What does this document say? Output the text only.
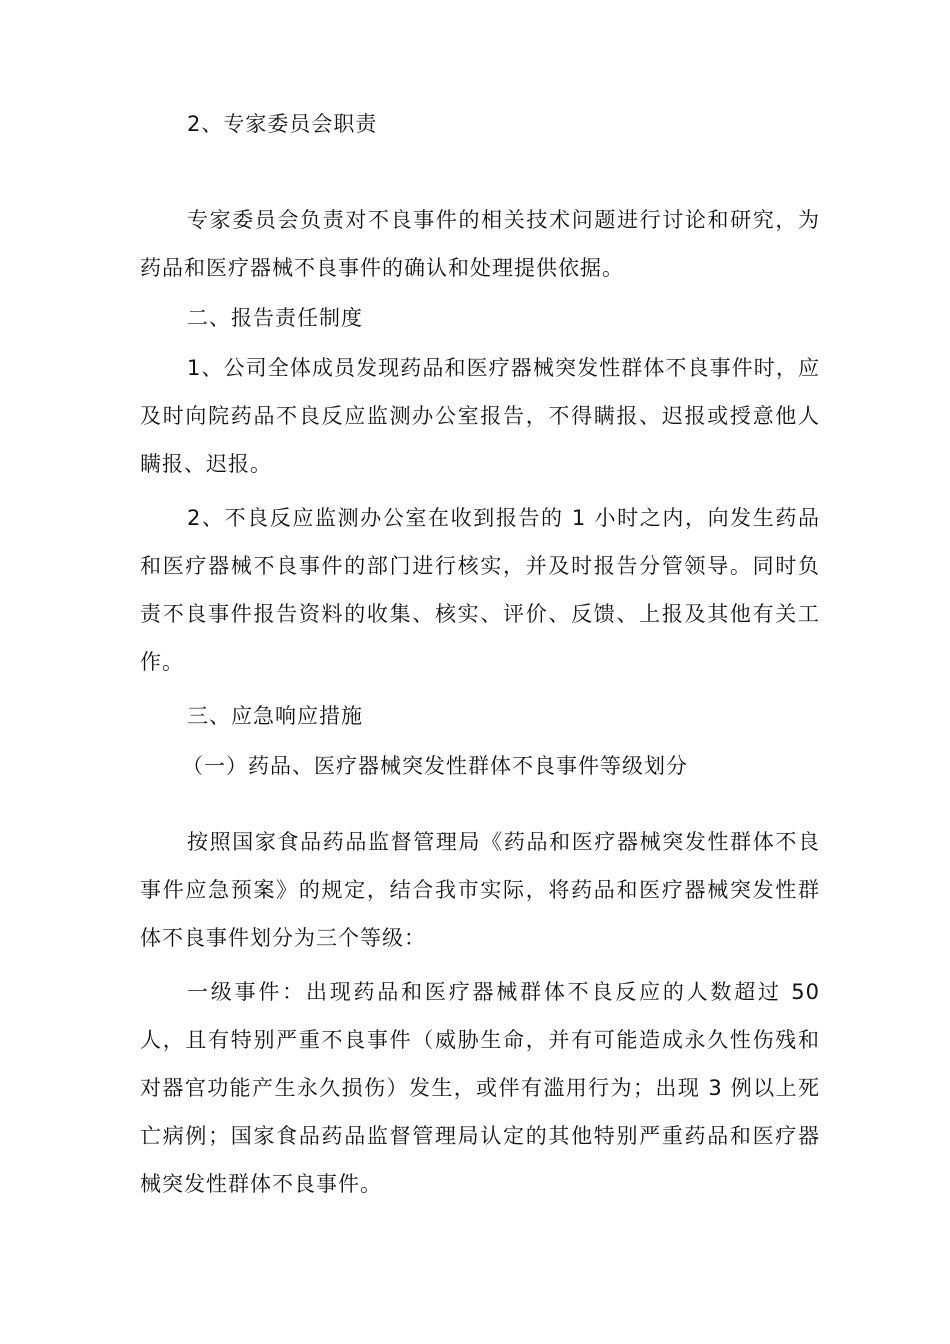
2、专家委员会职责

专家委员会负责对不良事件的相关技术问题进行讨论和研究，为药品和医疗器械不良事件的确认和处理提供依据。

二、报告责任制度

1、公司全体成员发现药品和医疗器械突发性群体不良事件时，应及时向院药品不良反应监测办公室报告，不得瞒报、迟报或授意他人瞒报、迟报。

2、不良反应监测办公室在收到报告的 1 小时之内，向发生药品和医疗器械不良事件的部门进行核实，并及时报告分管领导。同时负责不良事件报告资料的收集、核实、评价、反馈、上报及其他有关工作。

三、应急响应措施

（一）药品、医疗器械突发性群体不良事件等级划分

按照国家食品药品监督管理局《药品和医疗器械突发性群体不良事件应急预案》的规定，结合我市实际，将药品和医疗器械突发性群体不良事件划分为三个等级：

一级事件：出现药品和医疗器械群体不良反应的人数超过 50 人，且有特别严重不良事件（威胁生命，并有可能造成永久性伤残和对器官功能产生永久损伤）发生，或伴有滥用行为；出现 3 例以上死亡病例；国家食品药品监督管理局认定的其他特别严重药品和医疗器械突发性群体不良事件。
